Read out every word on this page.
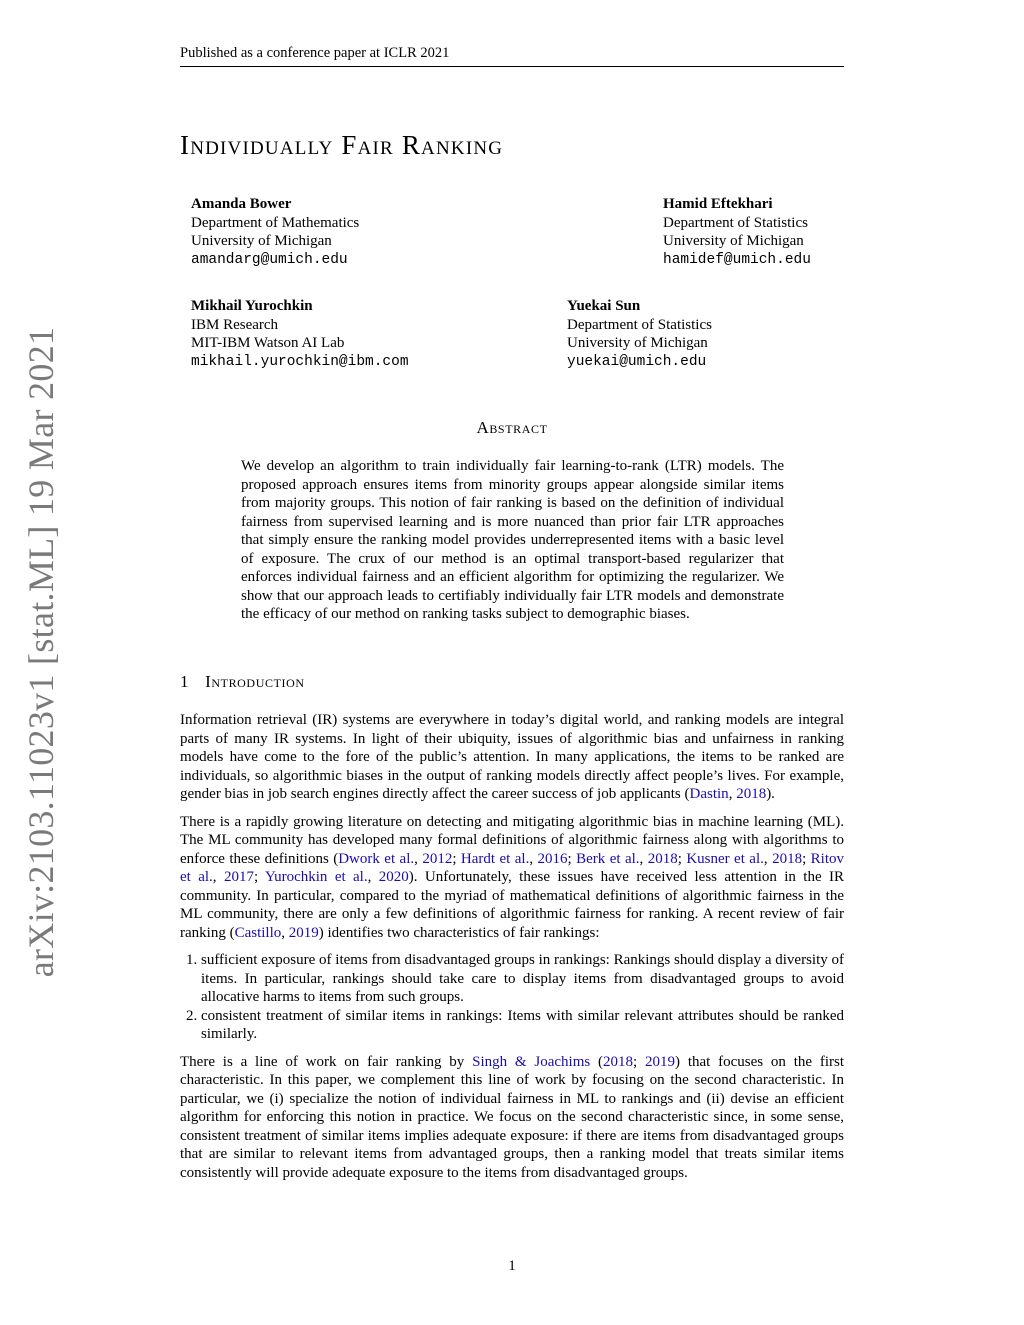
Published as a conference paper at ICLR 2021
arXiv:2103.11023v1 [stat.ML] 19 Mar 2021
Individually Fair Ranking
Amanda Bower
Department of Mathematics
University of Michigan
amandarg@umich.edu
Hamid Eftekhari
Department of Statistics
University of Michigan
hamidef@umich.edu
Mikhail Yurochkin
IBM Research
MIT-IBM Watson AI Lab
mikhail.yurochkin@ibm.com
Yuekai Sun
Department of Statistics
University of Michigan
yuekai@umich.edu
Abstract

We develop an algorithm to train individually fair learning-to-rank (LTR) models. The proposed approach ensures items from minority groups appear alongside similar items from majority groups. This notion of fair ranking is based on the definition of individual fairness from supervised learning and is more nuanced than prior fair LTR approaches that simply ensure the ranking model provides underrepresented items with a basic level of exposure. The crux of our method is an optimal transport-based regularizer that enforces individual fairness and an efficient algorithm for optimizing the regularizer. We show that our approach leads to certifiably individually fair LTR models and demonstrate the efficacy of our method on ranking tasks subject to demographic biases.

1 Introduction

Information retrieval (IR) systems are everywhere in today’s digital world, and ranking models are integral parts of many IR systems. In light of their ubiquity, issues of algorithmic bias and unfairness in ranking models have come to the fore of the public’s attention. In many applications, the items to be ranked are individuals, so algorithmic biases in the output of ranking models directly affect people’s lives. For example, gender bias in job search engines directly affect the career success of job applicants (Dastin, 2018).

There is a rapidly growing literature on detecting and mitigating algorithmic bias in machine learning (ML). The ML community has developed many formal definitions of algorithmic fairness along with algorithms to enforce these definitions (Dwork et al., 2012; Hardt et al., 2016; Berk et al., 2018; Kusner et al., 2018; Ritov et al., 2017; Yurochkin et al., 2020). Unfortunately, these issues have received less attention in the IR community. In particular, compared to the myriad of mathematical definitions of algorithmic fairness in the ML community, there are only a few definitions of algorithmic fairness for ranking. A recent review of fair ranking (Castillo, 2019) identifies two characteristics of fair rankings:

1. sufficient exposure of items from disadvantaged groups in rankings: Rankings should display a diversity of items. In particular, rankings should take care to display items from disadvantaged groups to avoid allocative harms to items from such groups.
2. consistent treatment of similar items in rankings: Items with similar relevant attributes should be ranked similarly.

There is a line of work on fair ranking by Singh & Joachims (2018; 2019) that focuses on the first characteristic. In this paper, we complement this line of work by focusing on the second characteristic. In particular, we (i) specialize the notion of individual fairness in ML to rankings and (ii) devise an efficient algorithm for enforcing this notion in practice. We focus on the second characteristic since, in some sense, consistent treatment of similar items implies adequate exposure: if there are items from disadvantaged groups that are similar to relevant items from advantaged groups, then a ranking model that treats similar items consistently will provide adequate exposure to the items from disadvantaged groups.

1
